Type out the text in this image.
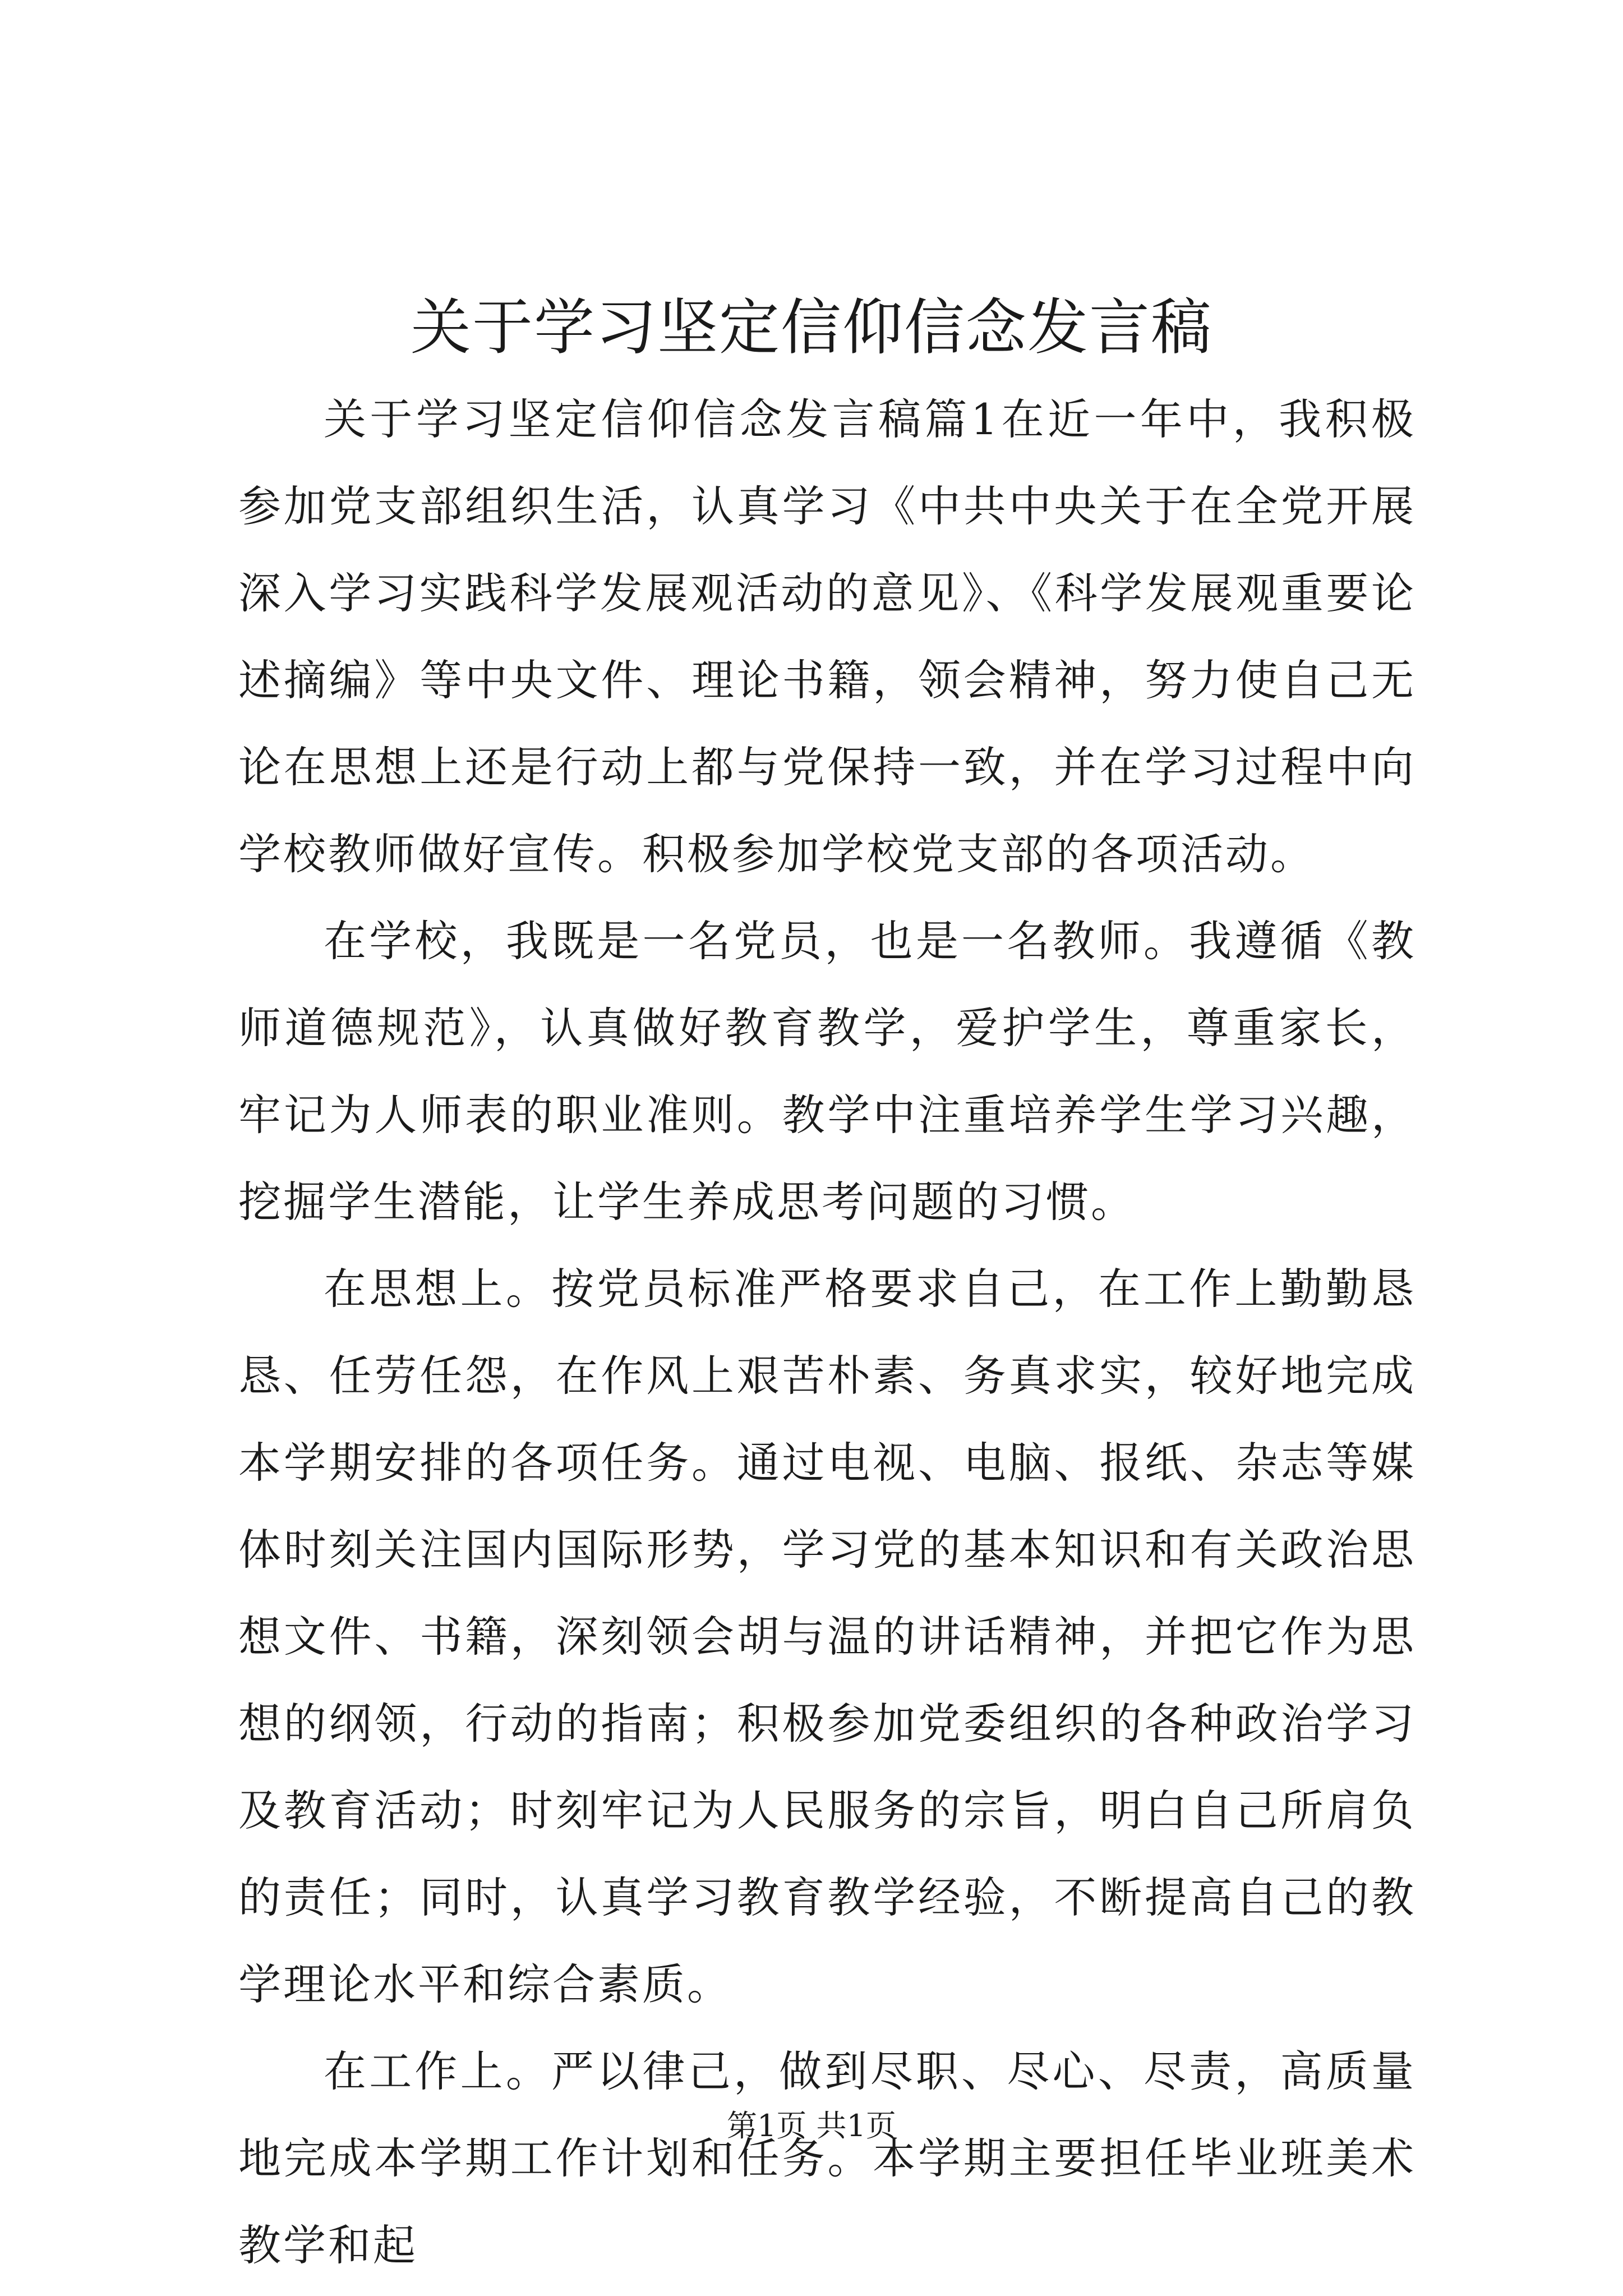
关于学习坚定信仰信念发言稿

关于学习坚定信仰信念发言稿篇1在近一年中，我积极参加党支部组织生活，认真学习《中共中央关于在全党开展深入学习实践科学发展观活动的意见》、《科学发展观重要论述摘编》等中央文件、理论书籍，领会精神，努力使自己无论在思想上还是行动上都与党保持一致，并在学习过程中向学校教师做好宣传。积极参加学校党支部的各项活动。

在学校，我既是一名党员，也是一名教师。我遵循《教师道德规范》，认真做好教育教学，爱护学生，尊重家长，牢记为人师表的职业准则。教学中注重培养学生学习兴趣，挖掘学生潜能，让学生养成思考问题的习惯。

在思想上。按党员标准严格要求自己，在工作上勤勤恳恳、任劳任怨，在作风上艰苦朴素、务真求实，较好地完成本学期安排的各项任务。通过电视、电脑、报纸、杂志等媒体时刻关注国内国际形势，学习党的基本知识和有关政治思想文件、书籍，深刻领会胡与温的讲话精神，并把它作为思想的纲领，行动的指南；积极参加党委组织的各种政治学习及教育活动；时刻牢记为人民服务的宗旨，明白自己所肩负的责任；同时，认真学习教育教学经验，不断提高自己的教学理论水平和综合素质。

在工作上。严以律己，做到尽职、尽心、尽责，高质量地完成本学期工作计划和任务。本学期主要担任毕业班美术教学和起

第1页 共1页
